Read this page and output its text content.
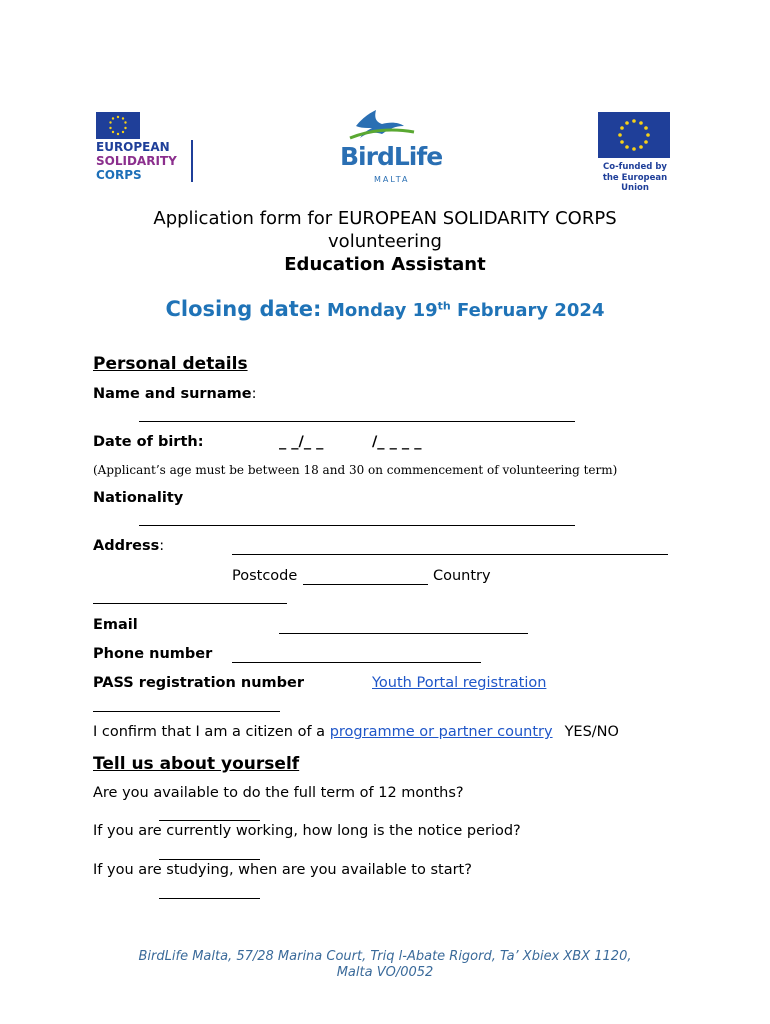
EUROPEAN
SOLIDARITY
CORPS
BirdLife
MALTA
Co-funded by
the European Union
Application form for EUROPEAN SOLIDARITY CORPS
volunteering
Education Assistant
Closing date: Monday 19th February 2024
Personal details
Name and surname:
Date of birth:	_ _/_ _	/_ _ _ _
(Applicant’s age must be between 18 and 30 on commencement of volunteering term)
Nationality
Address:
Postcode	Country
Email
Phone number
PASS registration number	Youth Portal registration
I confirm that I am a citizen of a programme or partner country YES/NO
Tell us about yourself
Are you available to do the full term of 12 months?
If you are currently working, how long is the notice period?
If you are studying, when are you available to start?
BirdLife Malta, 57/28 Marina Court, Triq l-Abate Rigord, Ta’ Xbiex XBX 1120,
Malta VO/0052
